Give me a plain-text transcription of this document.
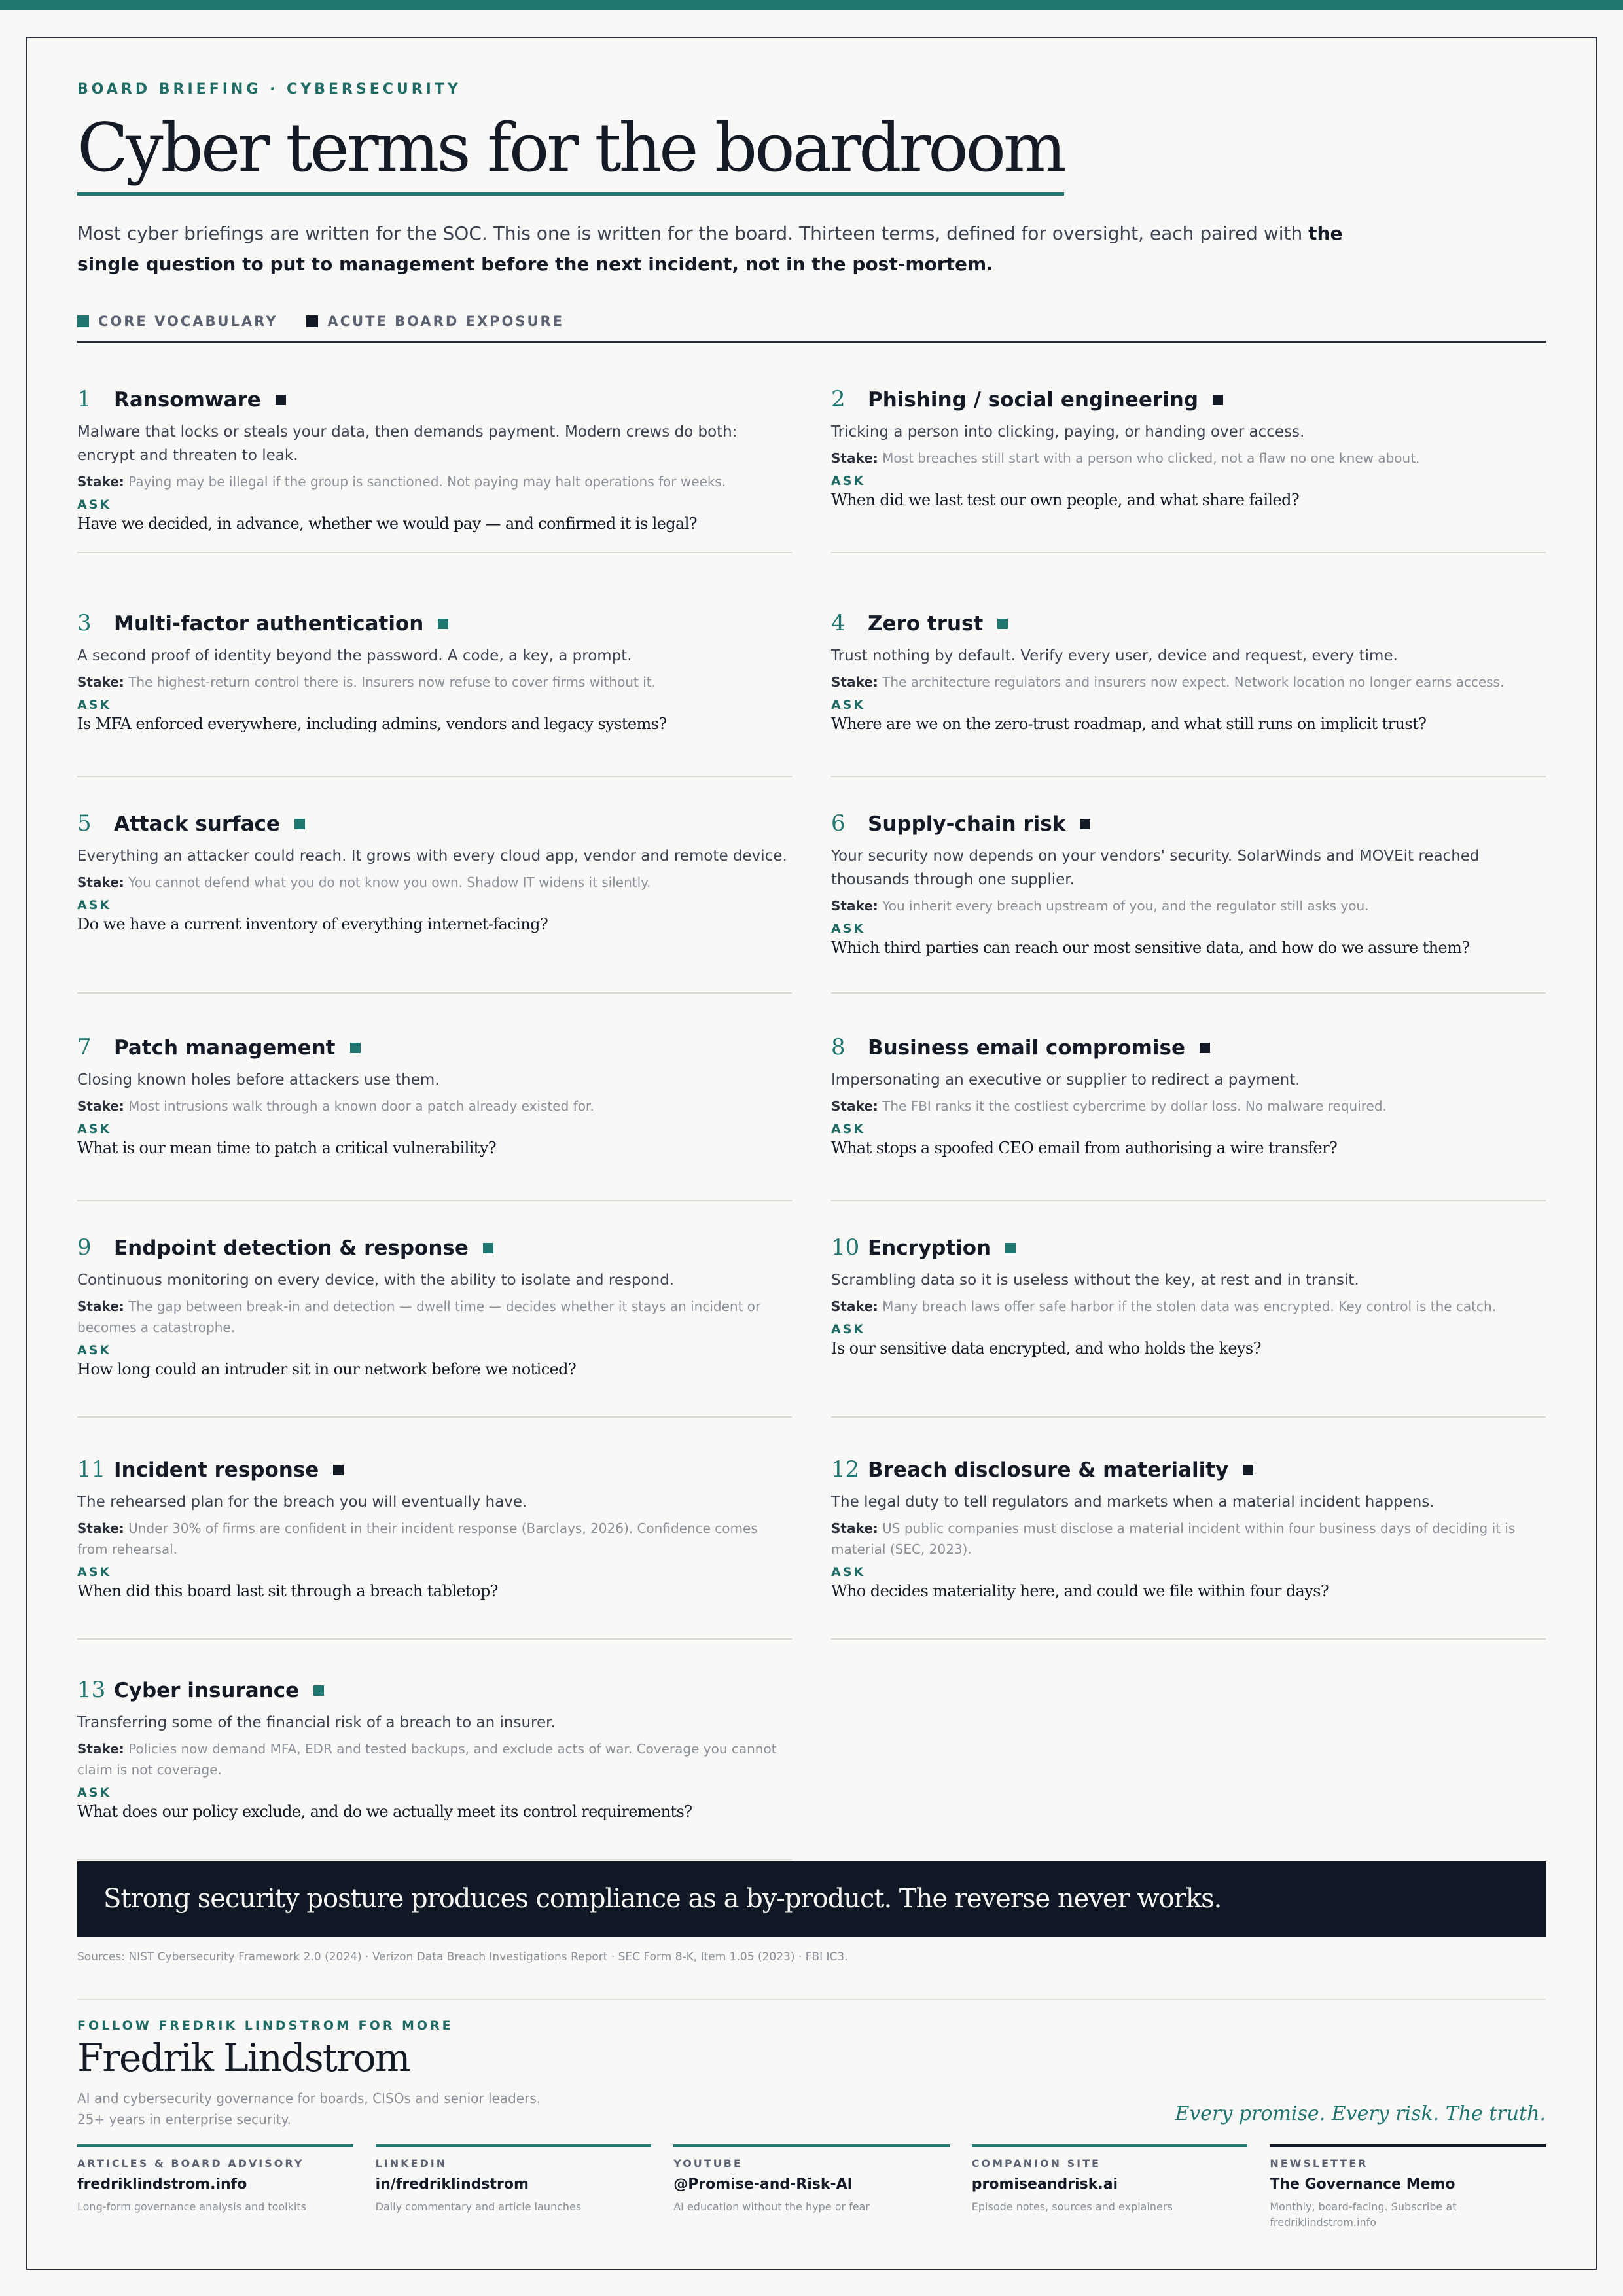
BOARD BRIEFING · CYBERSECURITY
Cyber terms for the boardroom
Most cyber briefings are written for the SOC. This one is written for the board. Thirteen terms, defined for oversight, each paired with the single question to put to management before the next incident, not in the post-mortem.
CORE VOCABULARY	ACUTE BOARD EXPOSURE
1	Ransomware
Malware that locks or steals your data, then demands payment. Modern crews do both: encrypt and threaten to leak.
Stake: Paying may be illegal if the group is sanctioned. Not paying may halt operations for weeks.
ASK
Have we decided, in advance, whether we would pay — and confirmed it is legal?
2	Phishing / social engineering
Tricking a person into clicking, paying, or handing over access.
Stake: Most breaches still start with a person who clicked, not a flaw no one knew about.
ASK
When did we last test our own people, and what share failed?
3	Multi-factor authentication
A second proof of identity beyond the password. A code, a key, a prompt.
Stake: The highest-return control there is. Insurers now refuse to cover firms without it.
ASK
Is MFA enforced everywhere, including admins, vendors and legacy systems?
4	Zero trust
Trust nothing by default. Verify every user, device and request, every time.
Stake: The architecture regulators and insurers now expect. Network location no longer earns access.
ASK
Where are we on the zero-trust roadmap, and what still runs on implicit trust?
5	Attack surface
Everything an attacker could reach. It grows with every cloud app, vendor and remote device.
Stake: You cannot defend what you do not know you own. Shadow IT widens it silently.
ASK
Do we have a current inventory of everything internet-facing?
6	Supply-chain risk
Your security now depends on your vendors' security. SolarWinds and MOVEit reached thousands through one supplier.
Stake: You inherit every breach upstream of you, and the regulator still asks you.
ASK
Which third parties can reach our most sensitive data, and how do we assure them?
7	Patch management
Closing known holes before attackers use them.
Stake: Most intrusions walk through a known door a patch already existed for.
ASK
What is our mean time to patch a critical vulnerability?
8	Business email compromise
Impersonating an executive or supplier to redirect a payment.
Stake: The FBI ranks it the costliest cybercrime by dollar loss. No malware required.
ASK
What stops a spoofed CEO email from authorising a wire transfer?
9	Endpoint detection & response
Continuous monitoring on every device, with the ability to isolate and respond.
Stake: The gap between break-in and detection — dwell time — decides whether it stays an incident or becomes a catastrophe.
ASK
How long could an intruder sit in our network before we noticed?
10 Encryption
Scrambling data so it is useless without the key, at rest and in transit.
Stake: Many breach laws offer safe harbor if the stolen data was encrypted. Key control is the catch.
ASK
Is our sensitive data encrypted, and who holds the keys?
11 Incident response
The rehearsed plan for the breach you will eventually have.
Stake: Under 30% of firms are confident in their incident response (Barclays, 2026). Confidence comes from rehearsal.
ASK
When did this board last sit through a breach tabletop?
12 Breach disclosure & materiality
The legal duty to tell regulators and markets when a material incident happens.
Stake: US public companies must disclose a material incident within four business days of deciding it is material (SEC, 2023).
ASK
Who decides materiality here, and could we file within four days?
13 Cyber insurance
Transferring some of the financial risk of a breach to an insurer.
Stake: Policies now demand MFA, EDR and tested backups, and exclude acts of war. Coverage you cannot claim is not coverage.
ASK
What does our policy exclude, and do we actually meet its control requirements?
Strong security posture produces compliance as a by-product. The reverse never works.
Sources: NIST Cybersecurity Framework 2.0 (2024) · Verizon Data Breach Investigations Report · SEC Form 8-K, Item 1.05 (2023) · FBI IC3.
FOLLOW FREDRIK LINDSTROM FOR MORE
Fredrik Lindstrom
AI and cybersecurity governance for boards, CISOs and senior leaders. 25+ years in enterprise security.	Every promise. Every risk. The truth.
ARTICLES & BOARD ADVISORY
fredriklindstrom.info
Long-form governance analysis and toolkits
LINKEDIN
in/fredriklindstrom
Daily commentary and article launches
YOUTUBE
@Promise-and-Risk-AI
AI education without the hype or fear
COMPANION SITE
promiseandrisk.ai
Episode notes, sources and explainers
NEWSLETTER
The Governance Memo
Monthly, board-facing. Subscribe at fredriklindstrom.info
